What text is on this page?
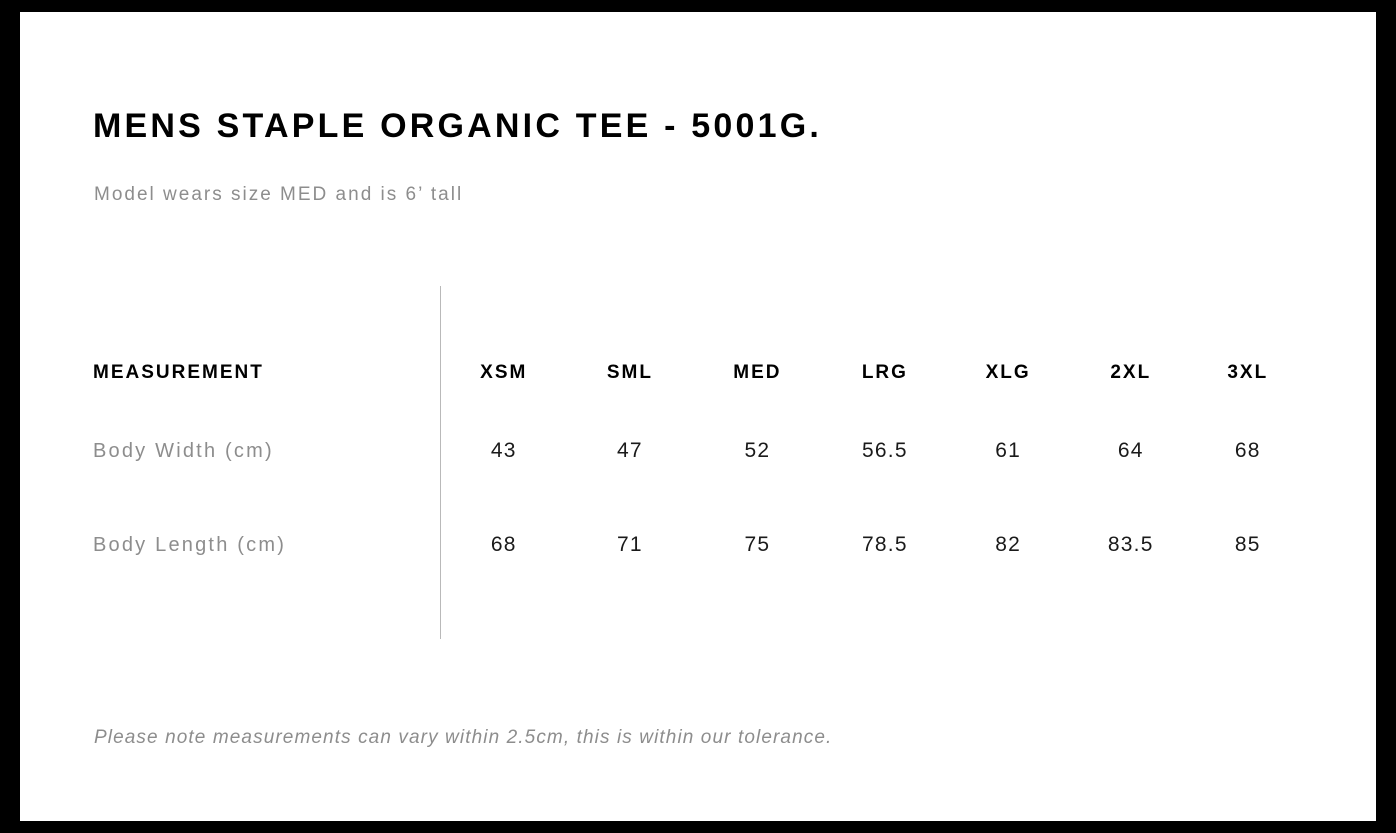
MENS STAPLE ORGANIC TEE - 5001G.
Model wears size MED and is 6’ tall
MEASUREMENT	XSM	SML	MED	LRG	XLG	2XL	3XL
Body Width (cm)	43	47	52	56.5	61	64	68
Body Length (cm)	68	71	75	78.5	82	83.5	85
Please note measurements can vary within 2.5cm, this is within our tolerance.
